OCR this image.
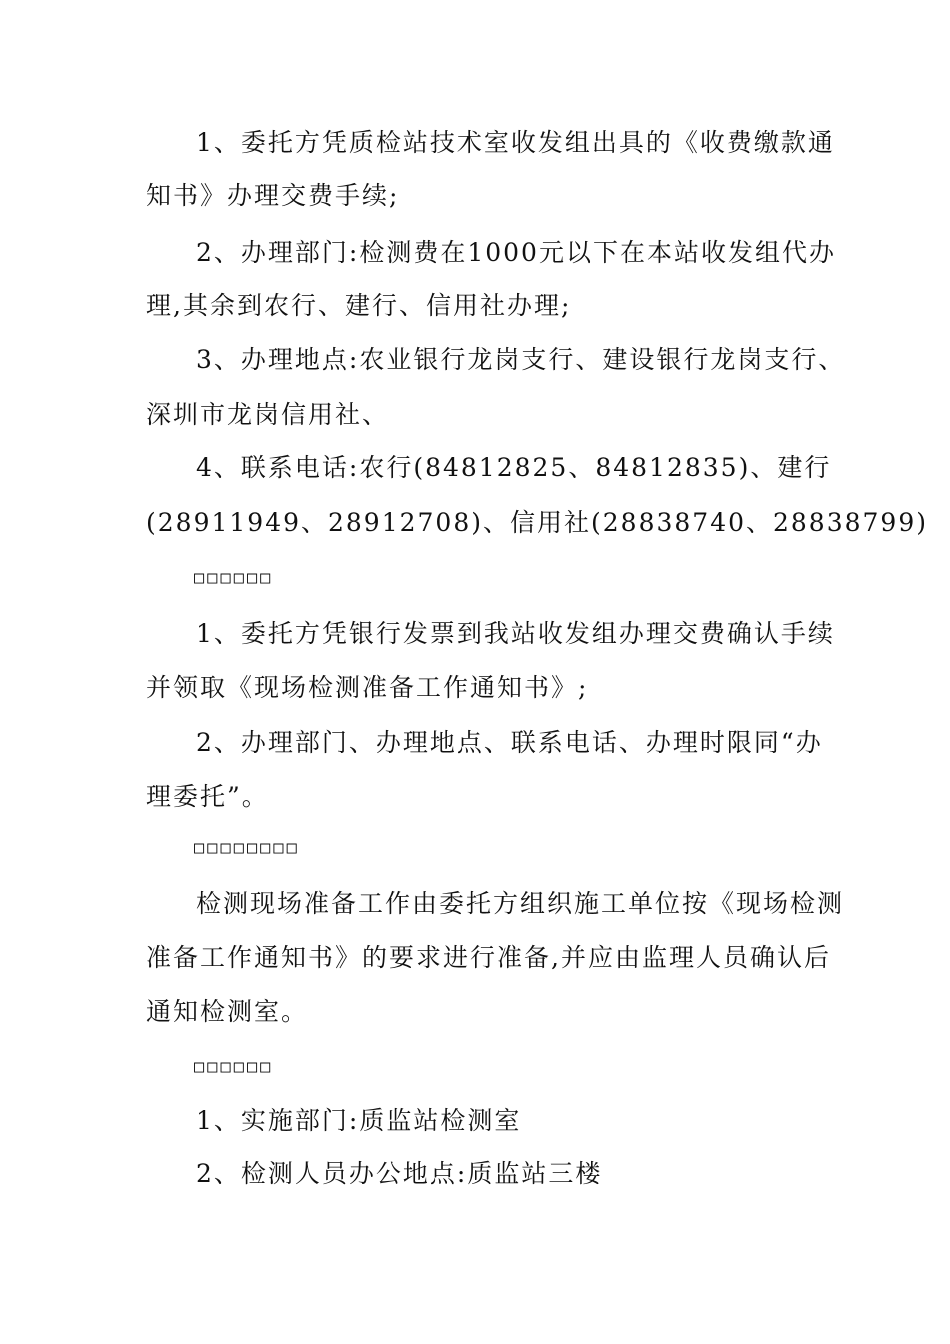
1、委托方凭质检站技术室收发组出具的《收费缴款通
知书》办理交费手续;
2、办理部门:检测费在1000元以下在本站收发组代办
理,其余到农行、建行、信用社办理;
3、办理地点:农业银行龙岗支行、建设银行龙岗支行、
深圳市龙岗信用社、
4、联系电话:农行(84812825、84812835)、建行
(28911949、28912708)、信用社(28838740、28838799)
□□□□□□
1、委托方凭银行发票到我站收发组办理交费确认手续
并领取《现场检测准备工作通知书》;
2、办理部门、办理地点、联系电话、办理时限同“办
理委托”。
□□□□□□□□
检测现场准备工作由委托方组织施工单位按《现场检测
准备工作通知书》的要求进行准备,并应由监理人员确认后
通知检测室。
□□□□□□
1、实施部门:质监站检测室
2、检测人员办公地点:质监站三楼
